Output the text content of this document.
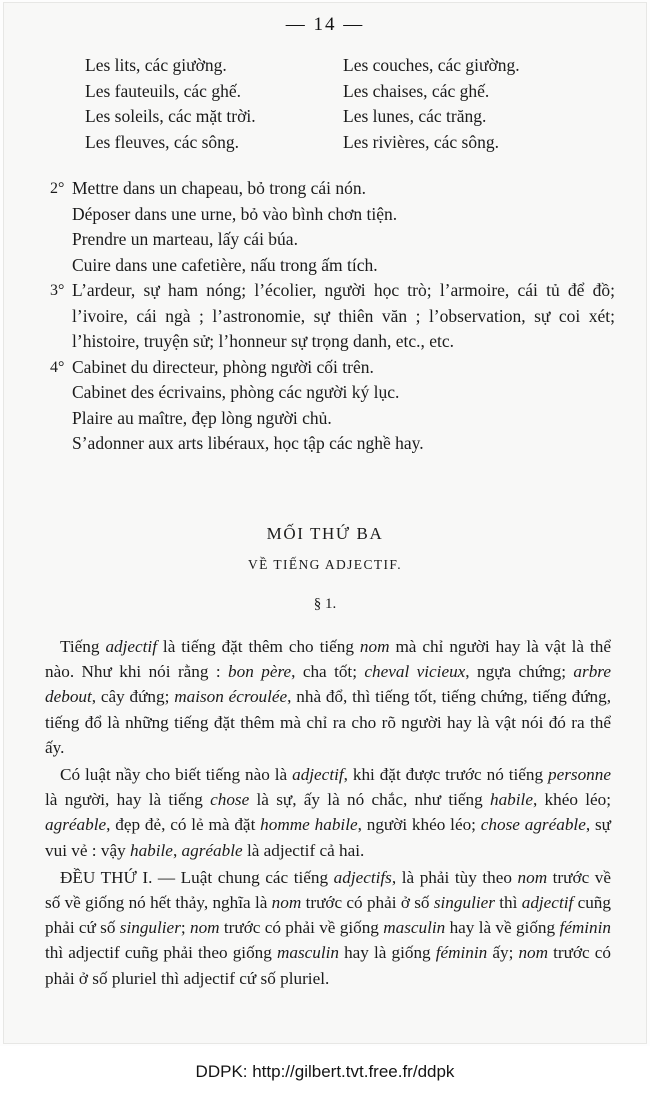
— 14 —
Les lits, các giường.	Les couches, các giường.
Les fauteuils, các ghế.	Les chaises, các ghế.
Les soleils, các mặt trời.	Les lunes, các trăng.
Les fleuves, các sông.	Les rivières, các sông.
2° Mettre dans un chapeau, bỏ trong cái nón.
Déposer dans une urne, bỏ vào bình chơn tiện.
Prendre un marteau, lấy cái búa.
Cuire dans une cafetière, nấu trong ấm tích.
3° L’ardeur, sự ham nóng; l’écolier, người học trò; l’armoire, cái tủ để đồ; l’ivoire, cái ngà ; l’astronomie, sự thiên văn ; l’observation, sự coi xét; l’histoire, truyện sử; l’honneur sự trọng danh, etc., etc.
4° Cabinet du directeur, phòng người cối trên.
Cabinet des écrivains, phòng các người ký lục.
Plaire au maître, đẹp lòng người chủ.
S’adonner aux arts libéraux, học tập các nghề hay.
MỐI THỨ BA
VỀ TIẾNG ADJECTIF.
§ 1.

Tiếng adjectif là tiếng đặt thêm cho tiếng nom mà chỉ người hay là vật là thể nào. Như khi nói rằng : bon père, cha tốt; cheval vicieux, ngựa chứng; arbre debout, cây đứng; maison écroulée, nhà đổ, thì tiếng tốt, tiếng chứng, tiếng đứng, tiếng đổ là những tiếng đặt thêm mà chỉ ra cho rõ người hay là vật nói đó ra thể ấy.

Có luật nầy cho biết tiếng nào là adjectif, khi đặt được trước nó tiếng personne là người, hay là tiếng chose là sự, ấy là nó chắc, như tiếng habile, khéo léo; agréable, đẹp đẻ, có lẻ mà đặt homme habile, người khéo léo; chose agréable, sự vui vẻ : vậy habile, agréable là adjectif cả hai.

ĐỀU THỨ I. — Luật chung các tiếng adjectifs, là phải tùy theo nom trước về số về giống nó hết thảy, nghĩa là nom trước có phải ở số singulier thì adjectif cuñg phải cứ số singulier; nom trước có phải về giống masculin hay là về giống féminin thì adjectif cuñg phải theo giống masculin hay là giống féminin ấy; nom trước có phải ở số pluriel thì adjectif cứ số pluriel.

DDPK: http://gilbert.tvt.free.fr/ddpk
